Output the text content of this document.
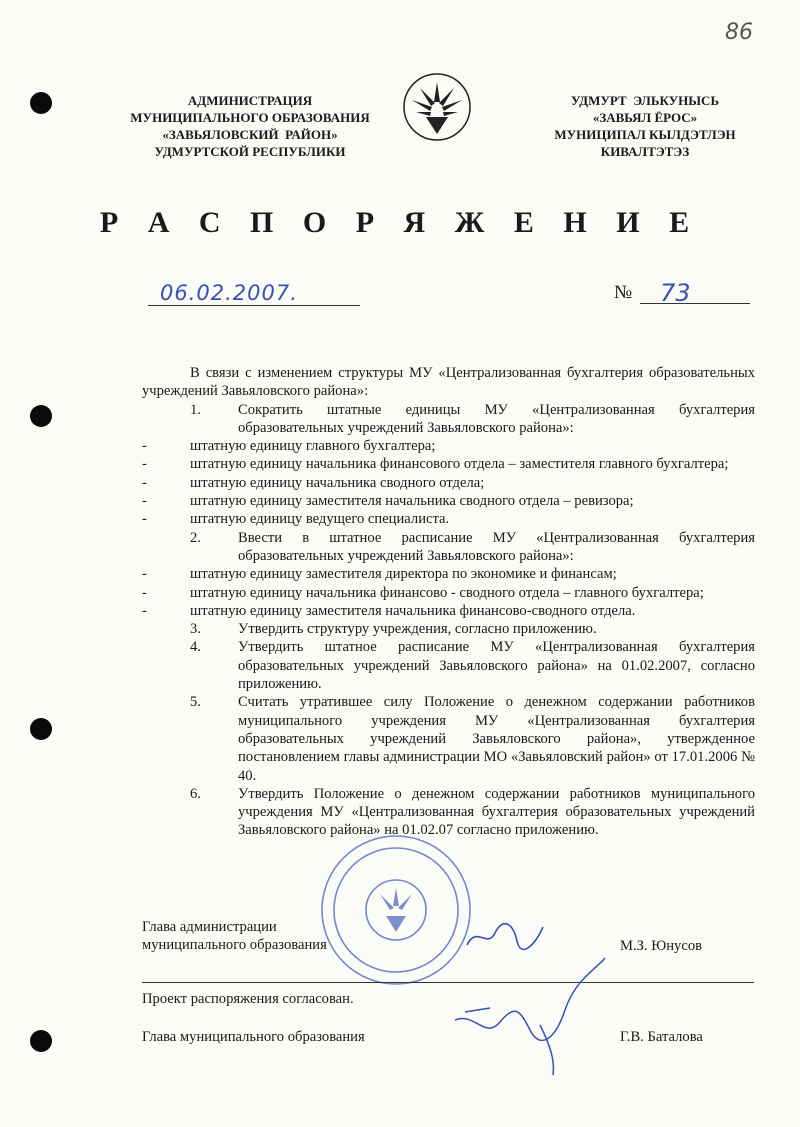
86
АДМИНИСТРАЦИЯ
МУНИЦИПАЛЬНОГО ОБРАЗОВАНИЯ
«ЗАВЬЯЛОВСКИЙ  РАЙОН»
УДМУРТСКОЙ РЕСПУБЛИКИ
УДМУРТ  ЭЛЬКУНЫСЬ
«ЗАВЬЯЛ ЁРОС»
МУНИЦИПАЛ КЫЛДЭТЛЭН
КИВАЛТЭТЭЗ
Р А С П О Р Я Ж Е Н И Е
06.02.2007.	№ 73

В связи с изменением структуры МУ «Централизованная бухгалтерия образовательных учреждений Завьяловского района»:

1.	Сократить штатные единицы МУ «Централизованная бухгалтерия образовательных учреждений Завьяловского района»:
-	штатную единицу главного бухгалтера;
-	штатную единицу начальника финансового отдела – заместителя главного бухгалтера;
-	штатную единицу начальника сводного отдела;
-	штатную единицу заместителя начальника сводного отдела – ревизора;
-	штатную единицу ведущего специалиста.
2.	Ввести в штатное расписание МУ «Централизованная бухгалтерия образовательных учреждений Завьяловского района»:
-	штатную единицу заместителя директора по экономике и финансам;
-	штатную единицу начальника финансово - сводного отдела – главного бухгалтера;
-	штатную единицу заместителя начальника финансово-сводного отдела.
3.	Утвердить структуру учреждения, согласно приложению.
4.	Утвердить штатное расписание МУ «Централизованная бухгалтерия образовательных учреждений Завьяловского района» на 01.02.2007, согласно приложению.
5.	Считать утратившее силу Положение о денежном содержании работников муниципального учреждения МУ «Централизованная бухгалтерия образовательных учреждений Завьяловского района», утвержденное постановлением главы администрации МО «Завьяловский район» от 17.01.2006 № 40.
6.	Утвердить Положение о денежном содержании работников муниципального учреждения МУ «Централизованная бухгалтерия образовательных учреждений Завьяловского района» на 01.02.07 согласно приложению.
Глава администрации
муниципального образования	М.З. Юнусов
Проект распоряжения согласован.
Глава муниципального образования	Г.В. Баталова
